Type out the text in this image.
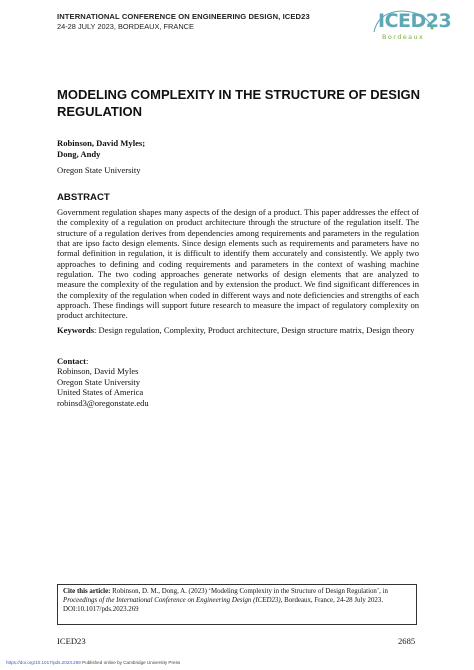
INTERNATIONAL CONFERENCE ON ENGINEERING DESIGN, ICED23
24-28 JULY 2023, BORDEAUX, FRANCE	ICED23
Bordeaux
MODELING COMPLEXITY IN THE STRUCTURE OF DESIGN REGULATION
Robinson, David Myles;
Dong, Andy
Oregon State University
ABSTRACT
Government regulation shapes many aspects of the design of a product. This paper addresses the effect of the complexity of a regulation on product architecture through the structure of the regulation itself. The structure of a regulation derives from dependencies among requirements and parameters in the regulation that are ipso facto design elements. Since design elements such as requirements and parameters have no formal definition in regulation, it is difficult to identify them accurately and consistently. We apply two approaches to defining and coding requirements and parameters in the context of washing machine regulation. The two coding approaches generate networks of design elements that are analyzed to measure the complexity of the regulation and by extension the product. We find significant differences in the complexity of the regulation when coded in different ways and note deficiencies and strengths of each approach. These findings will support future research to measure the impact of regulatory complexity on product architecture.
Keywords: Design regulation, Complexity, Product architecture, Design structure matrix, Design theory
Contact:
Robinson, David Myles
Oregon State University
United States of America
robinsd3@oregonstate.edu
Cite this article: Robinson, D. M., Dong, A. (2023) ‘Modeling Complexity in the Structure of Design Regulation’, in Proceedings of the International Conference on Engineering Design (ICED23), Bordeaux, France, 24-28 July 2023. DOI:10.1017/pds.2023.269
ICED23	2685
https://doi.org/10.1017/pds.2023.269 Published online by Cambridge University Press
